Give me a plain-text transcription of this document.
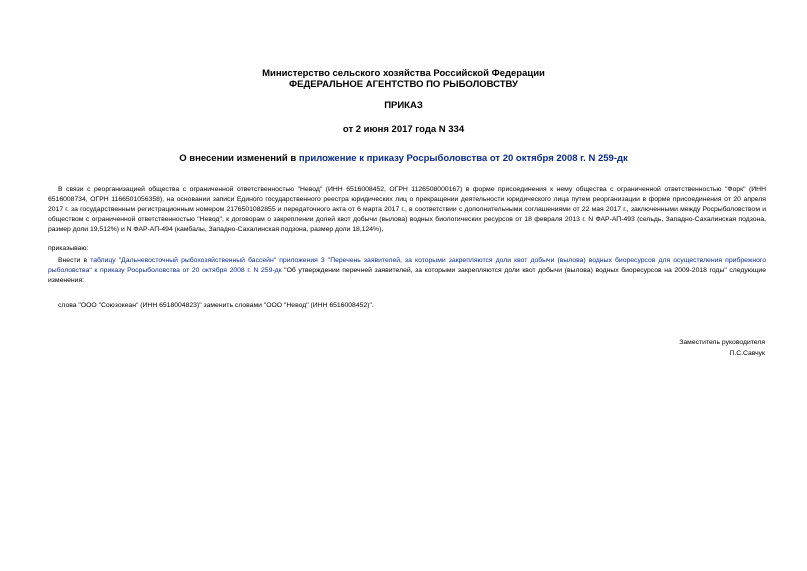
Министерство сельского хозяйства Российской Федерации
ФЕДЕРАЛЬНОЕ АГЕНТСТВО ПО РЫБОЛОВСТВУ
ПРИКАЗ
от 2 июня 2017 года N 334
О внесении изменений в приложение к приказу Росрыболовства от 20 октября 2008 г. N 259-дк
В связи с реорганизацией общества с ограниченной ответственностью "Невод" (ИНН 6516008452, ОГРН 1126508000167) в форме присоединения к нему общества с ограниченной ответственностью "Форк" (ИНН 6516008734, ОГРН 1166501056358), на основании записи Единого государственного реестра юридических лиц о прекращении деятельности юридического лица путем реорганизации в форме присоединения от 20 апреля 2017 г. за государственным регистрационным номером 2176501082855 и передаточного акта от 6 марта 2017 г., в соответствии с дополнительными соглашениями от 22 мая 2017 г., заключенными между Росрыболовством и обществом с ограниченной ответственностью "Невод", к договорам о закреплении долей квот добычи (вылова) водных биологических ресурсов от 18 февраля 2013 г. N ФАР-АП-493 (сельдь, Западно-Сахалинская подзона, размер доли 19,512%) и N ФАР-АП-494 (камбалы, Западно-Сахалинская подзона, размер доли 18,124%),
приказываю:
Внести в таблицу "Дальневосточный рыбохозяйственный бассейн" приложения 3 "Перечень заявителей, за которыми закрепляются доли квот добычи (вылова) водных биоресурсов для осуществления прибрежного рыболовства" к приказу Росрыболовства от 20 октября 2008 г. N 259-дк "Об утверждении перечней заявителей, за которыми закрепляются доли квот добычи (вылова) водных биоресурсов на 2009-2018 годы" следующие изменения:
слова "ООО "Союзокеан" (ИНН 6518004823)" заменить словами "ООО "Невод" (ИНН 6516008452)".
Заместитель руководителя
П.С.Савчук
